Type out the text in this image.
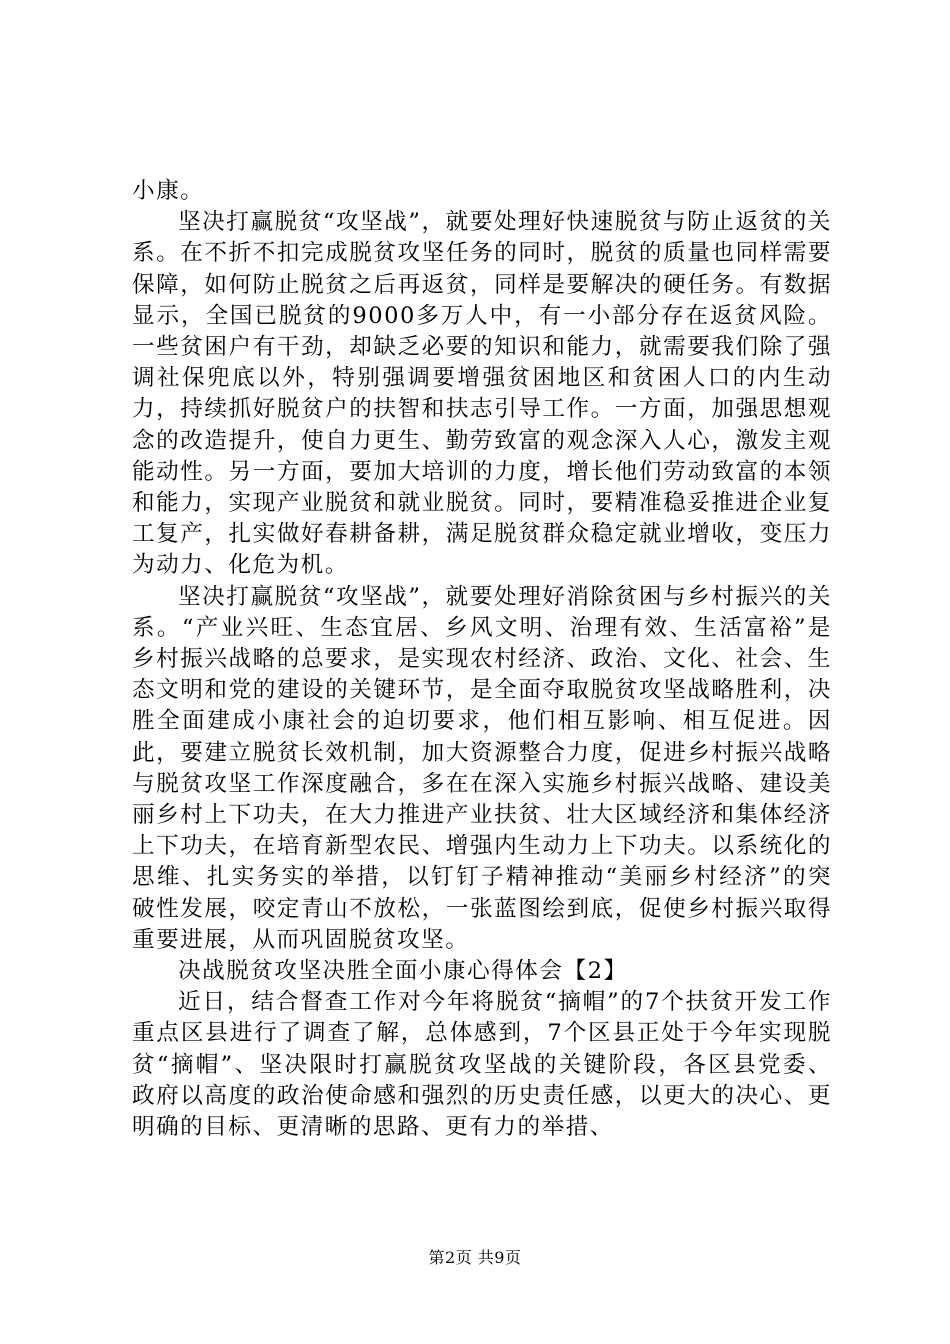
小康。

坚决打赢脱贫“攻坚战”，就要处理好快速脱贫与防止返贫的关系。在不折不扣完成脱贫攻坚任务的同时，脱贫的质量也同样需要保障，如何防止脱贫之后再返贫，同样是要解决的硬任务。有数据显示，全国已脱贫的9000多万人中，有一小部分存在返贫风险。一些贫困户有干劲，却缺乏必要的知识和能力，就需要我们除了强调社保兜底以外，特别强调要增强贫困地区和贫困人口的内生动力，持续抓好脱贫户的扶智和扶志引导工作。一方面，加强思想观念的改造提升，使自力更生、勤劳致富的观念深入人心，激发主观能动性。另一方面，要加大培训的力度，增长他们劳动致富的本领和能力，实现产业脱贫和就业脱贫。同时，要精准稳妥推进企业复工复产，扎实做好春耕备耕，满足脱贫群众稳定就业增收，变压力为动力、化危为机。

坚决打赢脱贫“攻坚战”，就要处理好消除贫困与乡村振兴的关系。“产业兴旺、生态宜居、乡风文明、治理有效、生活富裕”是乡村振兴战略的总要求，是实现农村经济、政治、文化、社会、生态文明和党的建设的关键环节，是全面夺取脱贫攻坚战略胜利，决胜全面建成小康社会的迫切要求，他们相互影响、相互促进。因此，要建立脱贫长效机制，加大资源整合力度，促进乡村振兴战略与脱贫攻坚工作深度融合，多在在深入实施乡村振兴战略、建设美丽乡村上下功夫，在大力推进产业扶贫、壮大区域经济和集体经济上下功夫，在培育新型农民、增强内生动力上下功夫。以系统化的思维、扎实务实的举措，以钉钉子精神推动“美丽乡村经济”的突破性发展，咬定青山不放松，一张蓝图绘到底，促使乡村振兴取得重要进展，从而巩固脱贫攻坚。

决战脱贫攻坚决胜全面小康心得体会【2】

近日，结合督查工作对今年将脱贫“摘帽”的7个扶贫开发工作重点区县进行了调查了解，总体感到，7个区县正处于今年实现脱贫“摘帽”、坚决限时打赢脱贫攻坚战的关键阶段，各区县党委、政府以高度的政治使命感和强烈的历史责任感，以更大的决心、更明确的目标、更清晰的思路、更有力的举措、

第2页 共9页
